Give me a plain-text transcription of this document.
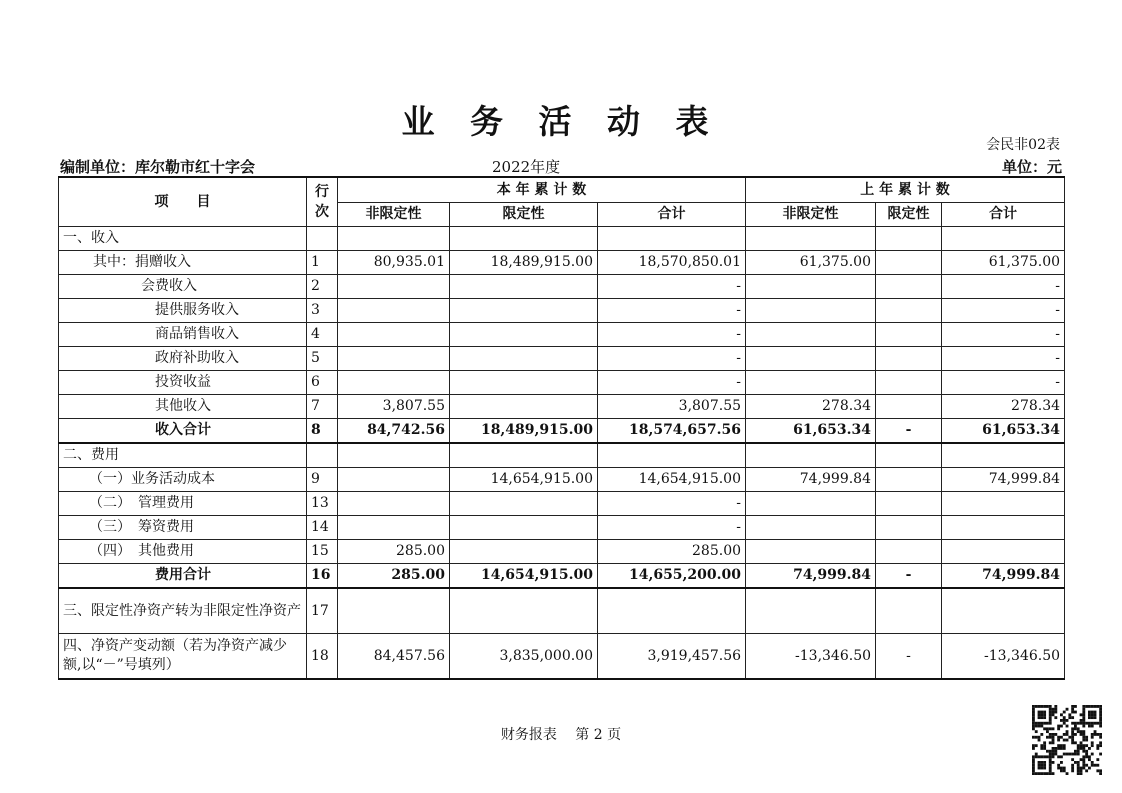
业 务 活 动 表
会民非02表
编制单位：库尔勒市红十字会	2022年度	单位：元
项　　目	行次	本 年 累 计 数			上 年 累 计 数		
		非限定性	限定性	合计	非限定性	限定性	合计
一、收入							
其中：捐赠收入	1	80,935.01	18,489,915.00	18,570,850.01	61,375.00		61,375.00
会费收入	2			-			-
提供服务收入	3			-			-
商品销售收入	4			-			-
政府补助收入	5			-			-
投资收益	6			-			-
其他收入	7	3,807.55		3,807.55	278.34		278.34
收入合计	8	84,742.56	18,489,915.00	18,574,657.56	61,653.34	-	61,653.34
二、费用							
（一）业务活动成本	9		14,654,915.00	14,654,915.00	74,999.84		74,999.84
（二）　管理费用	13			-			
（三）　筹资费用	14			-			
（四）　其他费用	15	285.00		285.00			
费用合计	16	285.00	14,654,915.00	14,655,200.00	74,999.84	-	74,999.84
三、限定性净资产转为非限定性净资产	17						
四、净资产变动额（若为净资产减少额,以“－”号填列）	18	84,457.56	3,835,000.00	3,919,457.56	-13,346.50	-	-13,346.50
财务报表　 第 2 页
